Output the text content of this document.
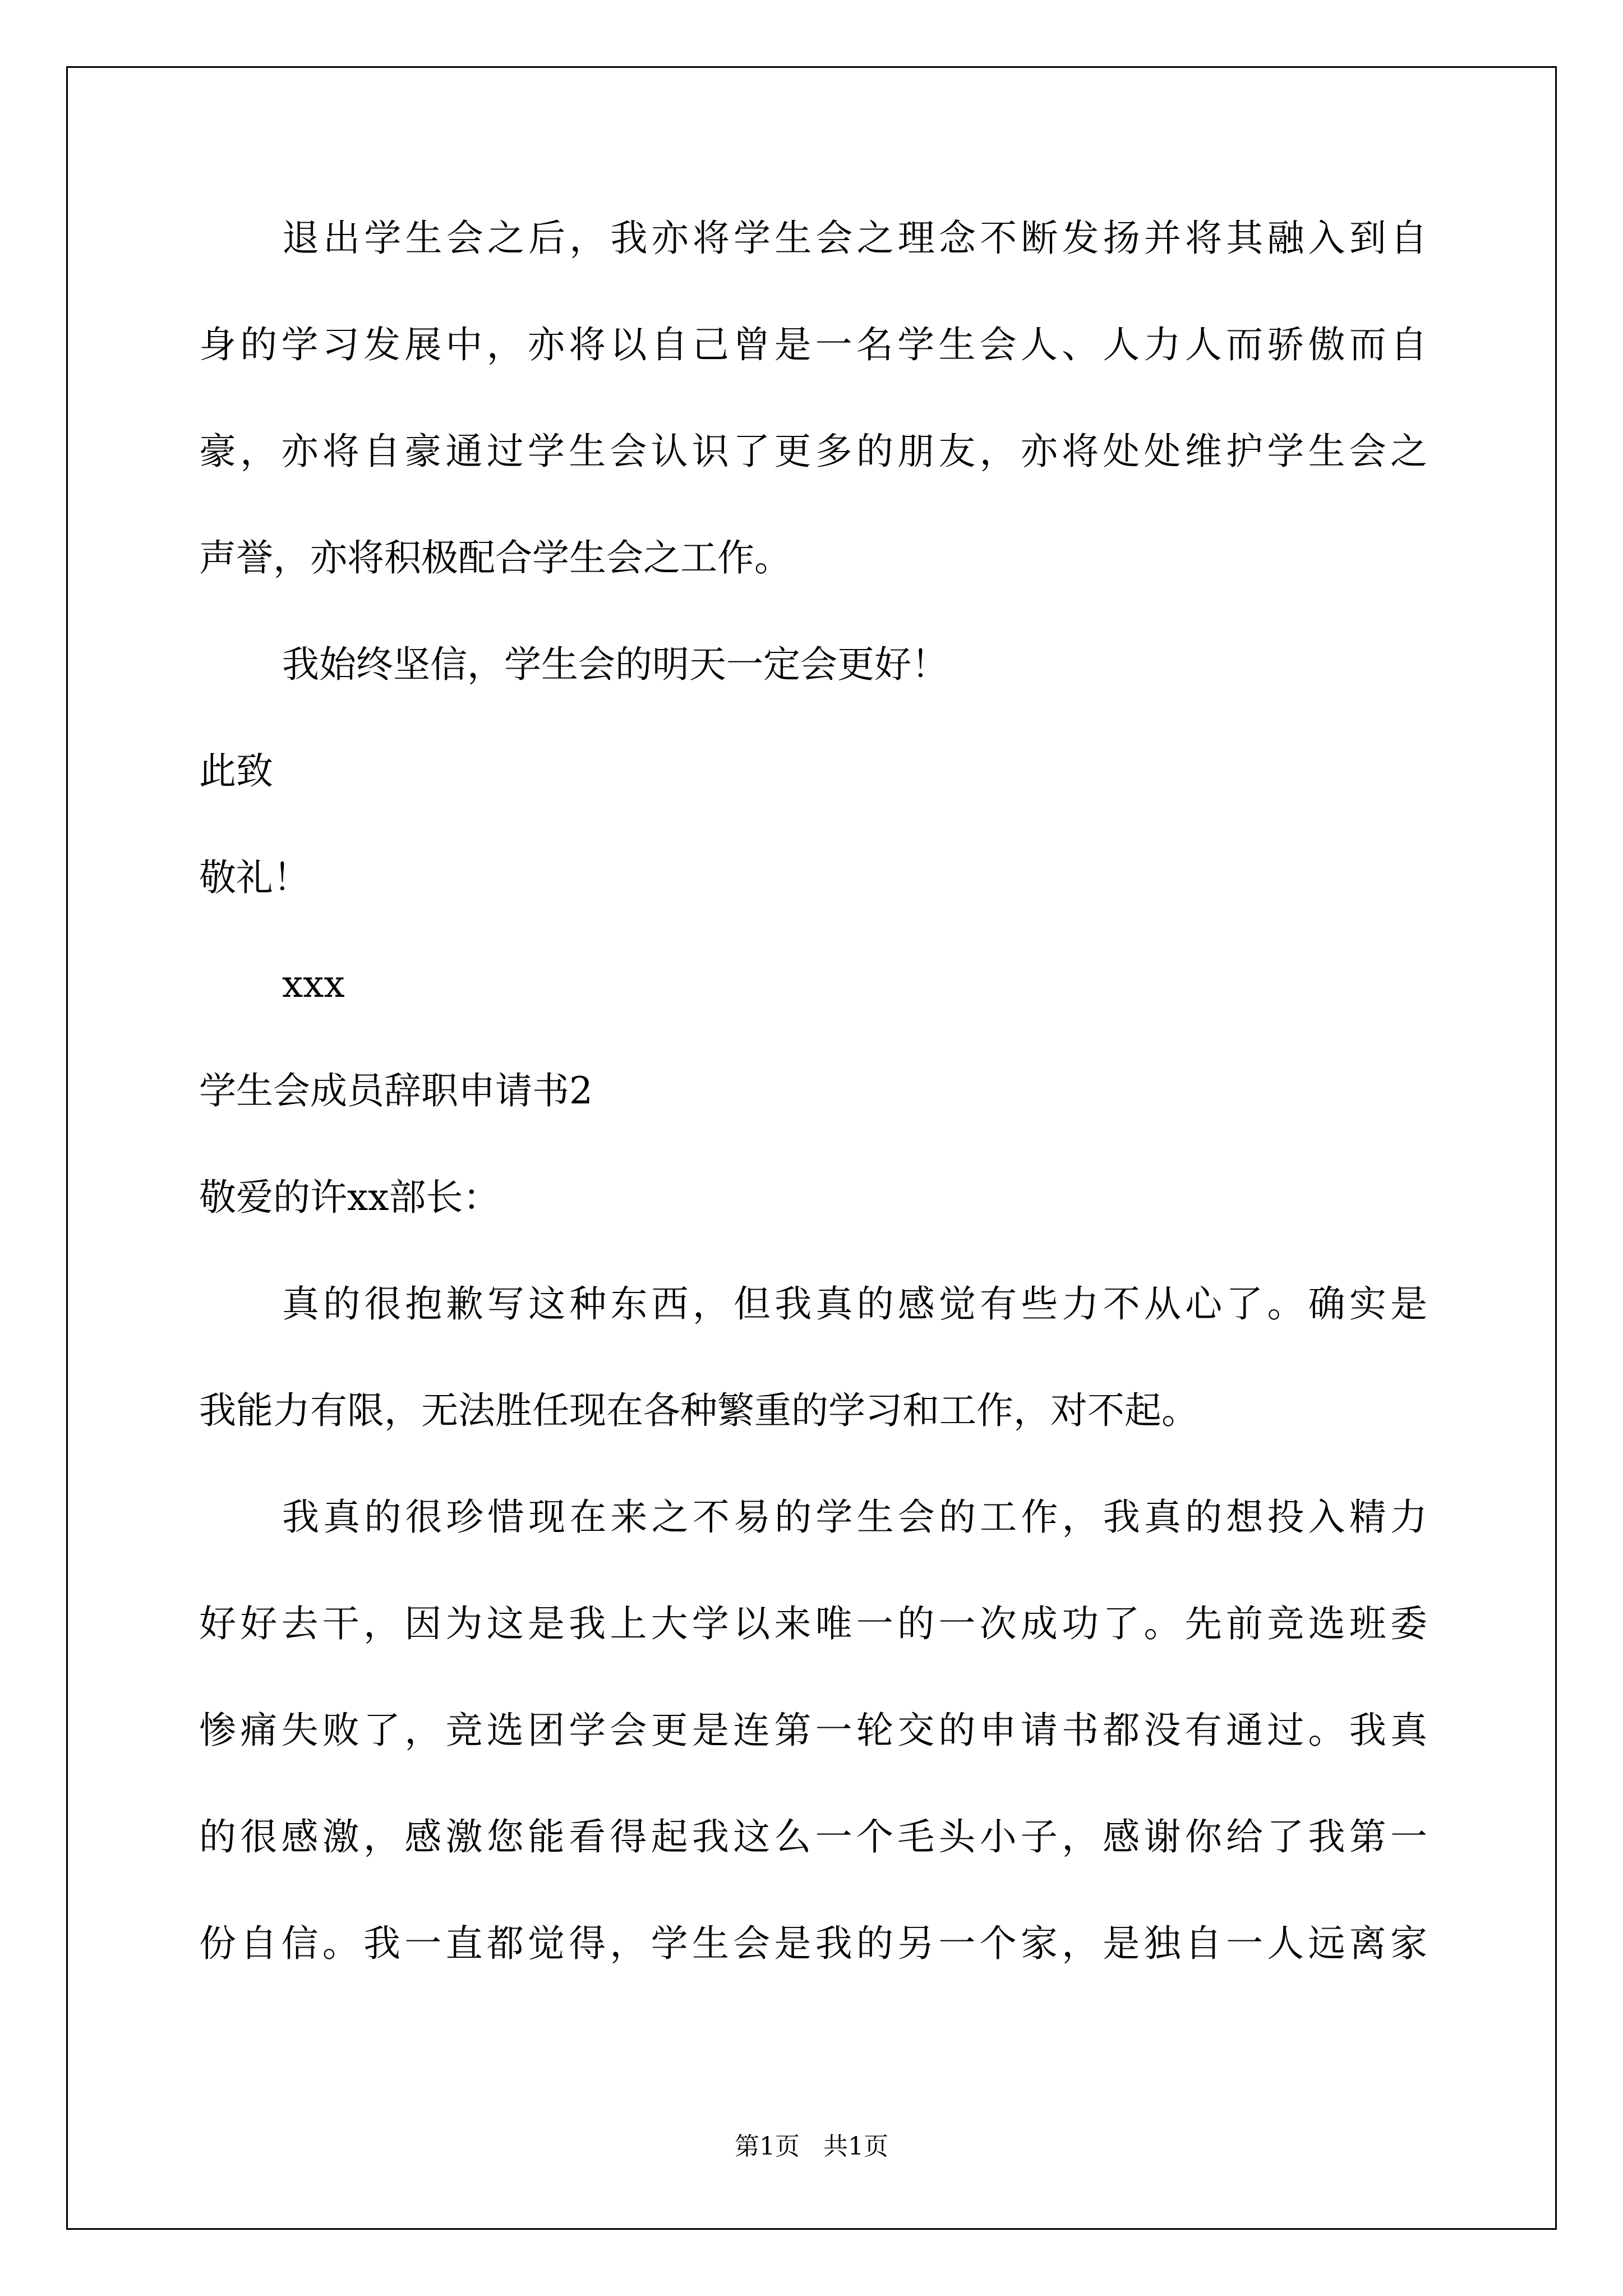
退出学生会之后，我亦将学生会之理念不断发扬并将其融入到自
身的学习发展中，亦将以自己曾是一名学生会人、人力人而骄傲而自
豪，亦将自豪通过学生会认识了更多的朋友，亦将处处维护学生会之
声誉，亦将积极配合学生会之工作。
我始终坚信，学生会的明天一定会更好！
此致
敬礼！
xxx
学生会成员辞职申请书2
敬爱的许xx部长：
真的很抱歉写这种东西，但我真的感觉有些力不从心了。确实是
我能力有限，无法胜任现在各种繁重的学习和工作，对不起。
我真的很珍惜现在来之不易的学生会的工作，我真的想投入精力
好好去干，因为这是我上大学以来唯一的一次成功了。先前竞选班委
惨痛失败了，竞选团学会更是连第一轮交的申请书都没有通过。我真
的很感激，感激您能看得起我这么一个毛头小子，感谢你给了我第一
份自信。我一直都觉得，学生会是我的另一个家，是独自一人远离家
第1页   共1页
